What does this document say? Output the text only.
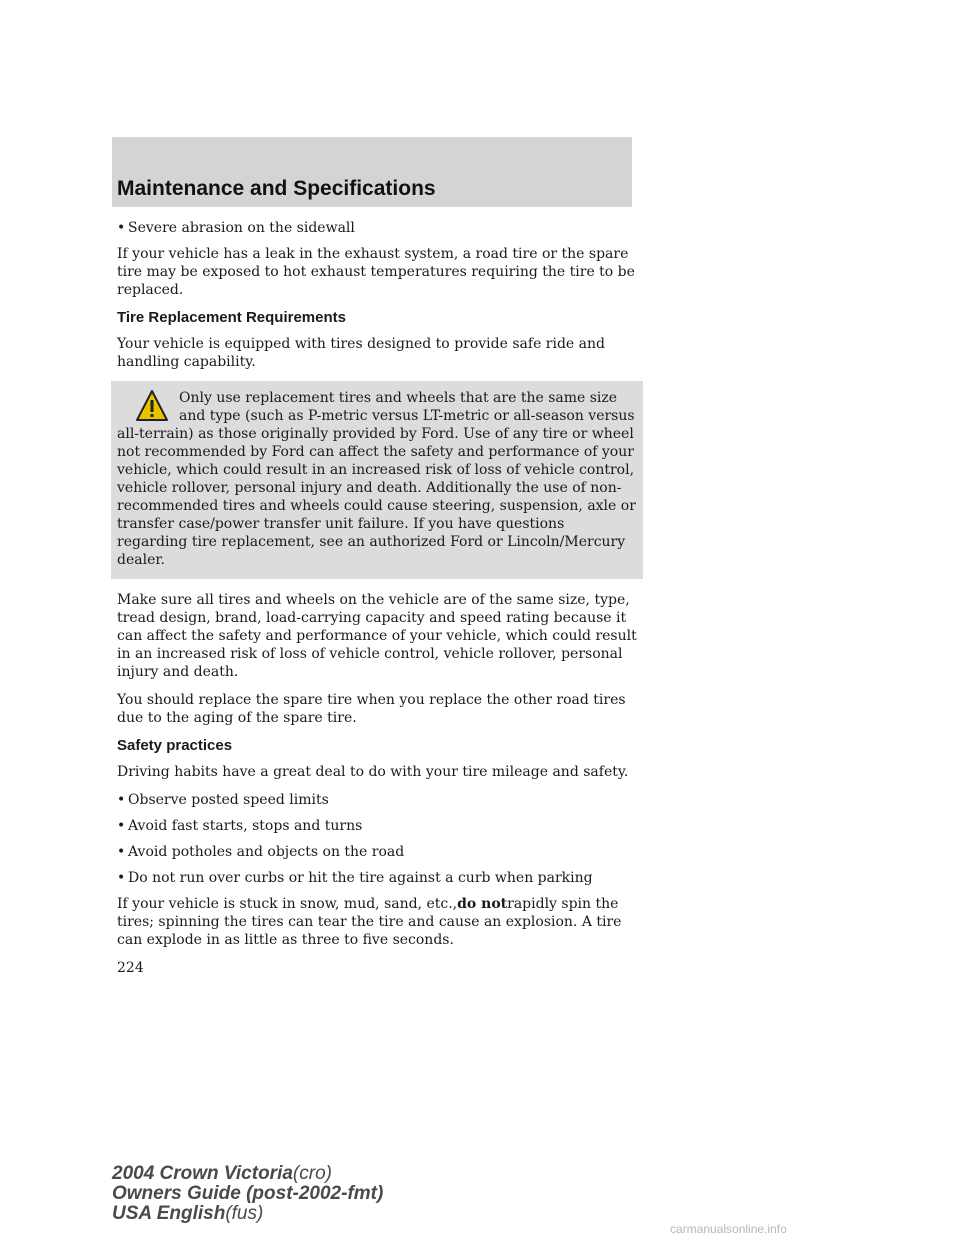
Maintenance and Specifications
• Severe abrasion on the sidewall

If your vehicle has a leak in the exhaust system, a road tire or the spare tire may be exposed to hot exhaust temperatures requiring the tire to be replaced.

Tire Replacement Requirements

Your vehicle is equipped with tires designed to provide safe ride and handling capability.

Only use replacement tires and wheels that are the same size and type (such as P-metric versus LT-metric or all-season versus all-terrain) as those originally provided by Ford. Use of any tire or wheel not recommended by Ford can affect the safety and performance of your vehicle, which could result in an increased risk of loss of vehicle control, vehicle rollover, personal injury and death. Additionally the use of non-recommended tires and wheels could cause steering, suspension, axle or transfer case/power transfer unit failure. If you have questions regarding tire replacement, see an authorized Ford or Lincoln/Mercury dealer.

Make sure all tires and wheels on the vehicle are of the same size, type, tread design, brand, load-carrying capacity and speed rating because it can affect the safety and performance of your vehicle, which could result in an increased risk of loss of vehicle control, vehicle rollover, personal injury and death.

You should replace the spare tire when you replace the other road tires due to the aging of the spare tire.

Safety practices

Driving habits have a great deal to do with your tire mileage and safety.

• Observe posted speed limits
• Avoid fast starts, stops and turns
• Avoid potholes and objects on the road
• Do not run over curbs or hit the tire against a curb when parking

If your vehicle is stuck in snow, mud, sand, etc.,do notrapidly spin the tires; spinning the tires can tear the tire and cause an explosion. A tire can explode in as little as three to five seconds.

224
2004 Crown Victoria(cro)
Owners Guide (post-2002-fmt)
USA English(fus)
carmanualsonline.info
